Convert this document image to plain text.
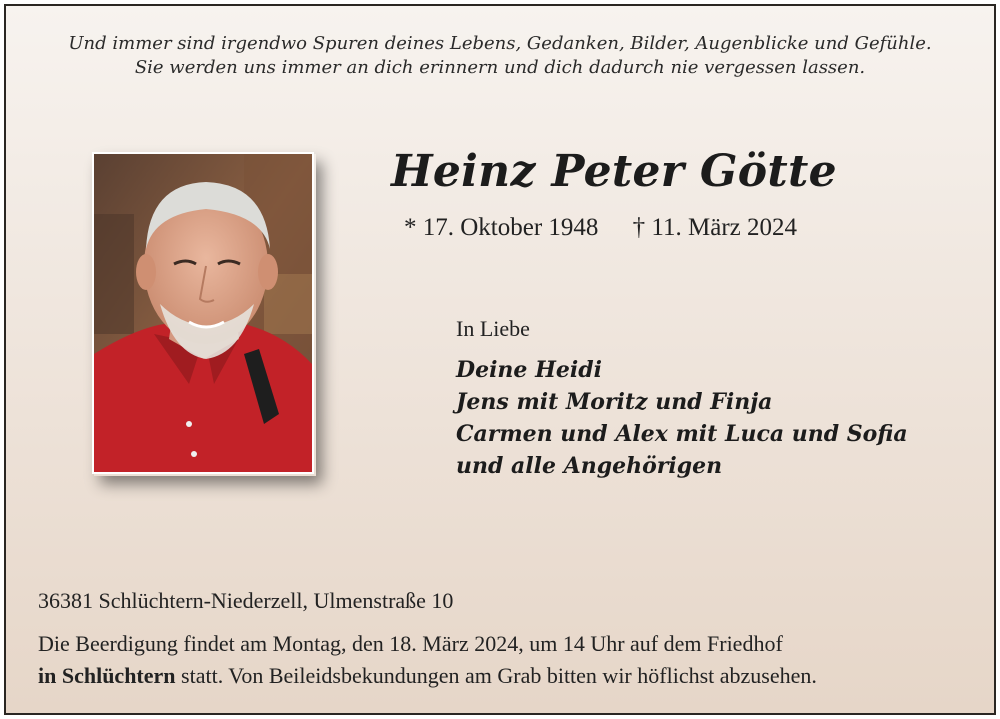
Und immer sind irgendwo Spuren deines Lebens, Gedanken, Bilder, Augenblicke und Gefühle.
Sie werden uns immer an dich erinnern und dich dadurch nie vergessen lassen.
Heinz Peter Götte
* 17. Oktober 1948 † 11. März 2024
In Liebe
Deine Heidi
Jens mit Moritz und Finja
Carmen und Alex mit Luca und Sofia
und alle Angehörigen
36381 Schlüchtern-Niederzell, Ulmenstraße 10
Die Beerdigung findet am Montag, den 18. März 2024, um 14 Uhr auf dem Friedhof
in Schlüchtern statt. Von Beileidsbekundungen am Grab bitten wir höflichst abzusehen.
